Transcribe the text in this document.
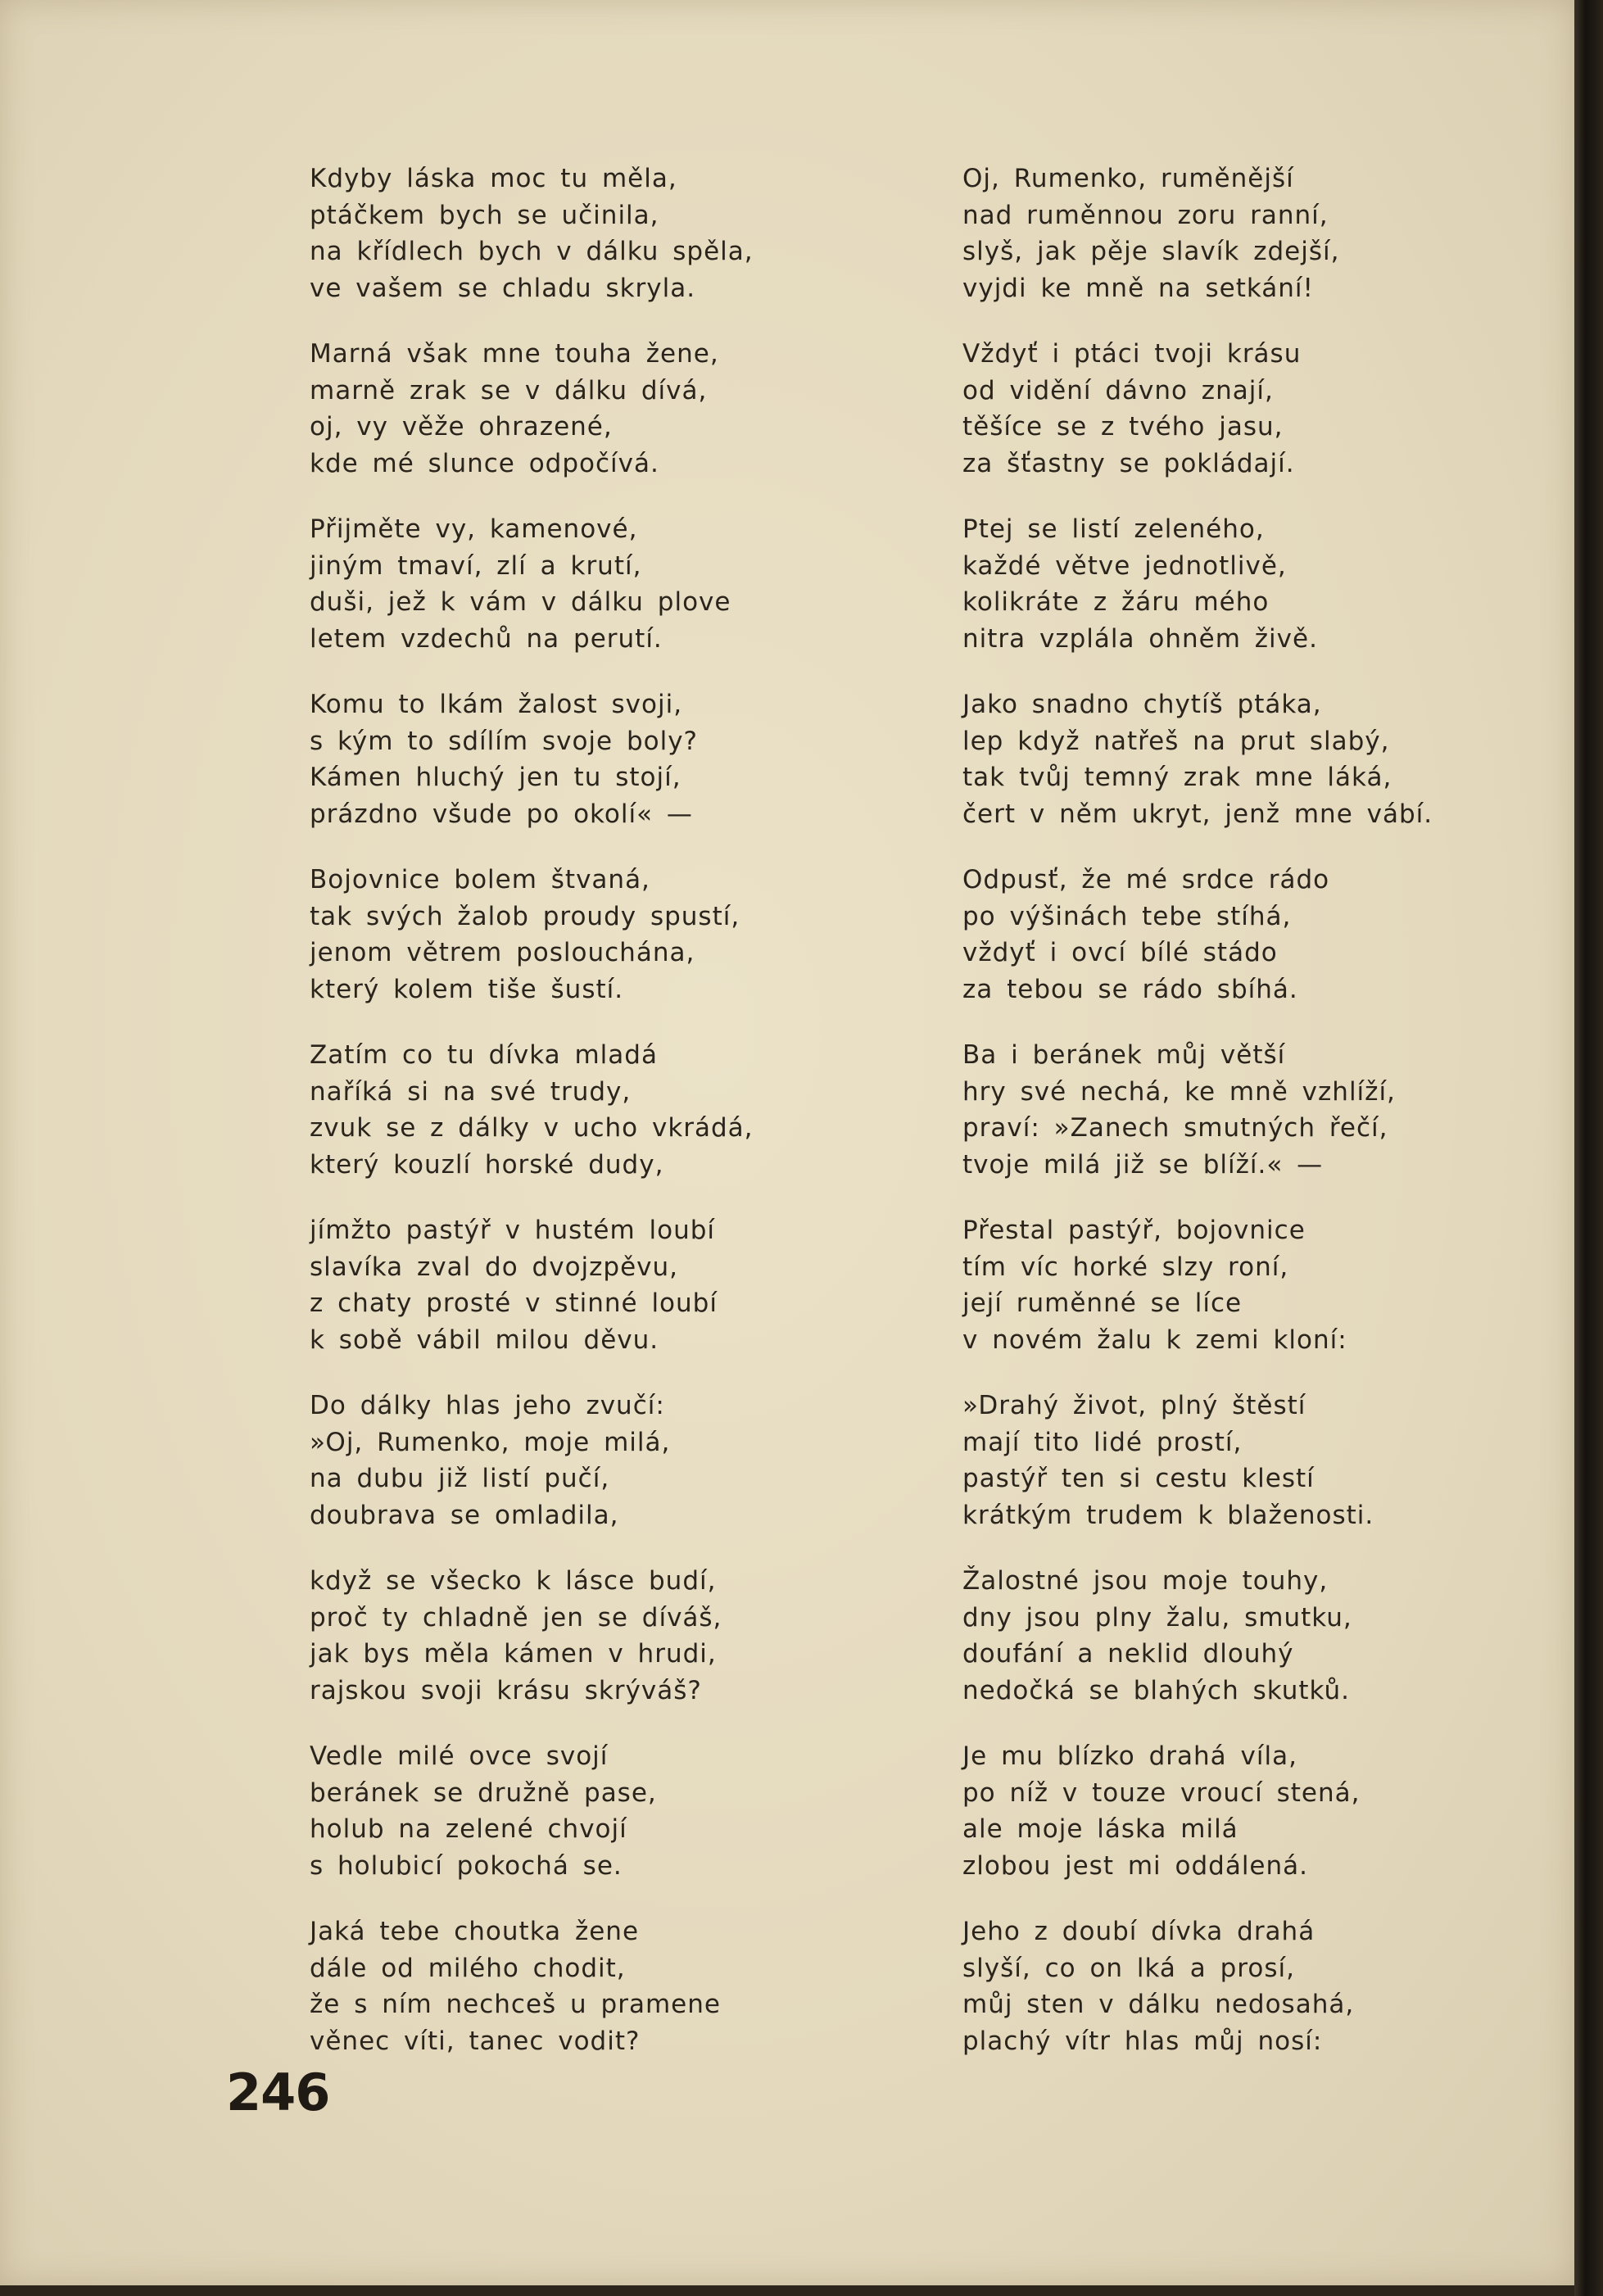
Kdyby láska moc tu měla,
ptáčkem bych se učinila,
na křídlech bych v dálku spěla,
ve vašem se chladu skryla.
Marná však mne touha žene,
marně zrak se v dálku dívá,
oj, vy věže ohrazené,
kde mé slunce odpočívá.
Přijměte vy, kamenové,
jiným tmaví, zlí a krutí,
duši, jež k vám v dálku plove
letem vzdechů na perutí.
Komu to lkám žalost svoji,
s kým to sdílím svoje boly?
Kámen hluchý jen tu stojí,
prázdno všude po okolí« —
Bojovnice bolem štvaná,
tak svých žalob proudy spustí,
jenom větrem poslouchána,
který kolem tiše šustí.
Zatím co tu dívka mladá
naříká si na své trudy,
zvuk se z dálky v ucho vkrádá,
který kouzlí horské dudy,
jímžto pastýř v hustém loubí
slavíka zval do dvojzpěvu,
z chaty prosté v stinné loubí
k sobě vábil milou děvu.
Do dálky hlas jeho zvučí:
»Oj, Rumenko, moje milá,
na dubu již listí pučí,
doubrava se omladila,
když se všecko k lásce budí,
proč ty chladně jen se díváš,
jak bys měla kámen v hrudi,
rajskou svoji krásu skrýváš?
Vedle milé ovce svojí
beránek se družně pase,
holub na zelené chvojí
s holubicí pokochá se.
Jaká tebe choutka žene
dále od milého chodit,
že s ním nechceš u pramene
věnec víti, tanec vodit?
Oj, Rumenko, ruměnější
nad ruměnnou zoru ranní,
slyš, jak pěje slavík zdejší,
vyjdi ke mně na setkání!
Vždyť i ptáci tvoji krásu
od vidění dávno znají,
těšíce se z tvého jasu,
za šťastny se pokládají.
Ptej se listí zeleného,
každé větve jednotlivě,
kolikráte z žáru mého
nitra vzplála ohněm živě.
Jako snadno chytíš ptáka,
lep když natřeš na prut slabý,
tak tvůj temný zrak mne láká,
čert v něm ukryt, jenž mne vábí.
Odpusť, že mé srdce rádo
po výšinách tebe stíhá,
vždyť i ovcí bílé stádo
za tebou se rádo sbíhá.
Ba i beránek můj větší
hry své nechá, ke mně vzhlíží,
praví: »Zanech smutných řečí,
tvoje milá již se blíží.« —
Přestal pastýř, bojovnice
tím víc horké slzy roní,
její ruměnné se líce
v novém žalu k zemi kloní:
»Drahý život, plný štěstí
mají tito lidé prostí,
pastýř ten si cestu klestí
krátkým trudem k blaženosti.
Žalostné jsou moje touhy,
dny jsou plny žalu, smutku,
doufání a neklid dlouhý
nedočká se blahých skutků.
Je mu blízko drahá víla,
po níž v touze vroucí stená,
ale moje láska milá
zlobou jest mi oddálená.
Jeho z doubí dívka drahá
slyší, co on lká a prosí,
můj sten v dálku nedosahá,
plachý vítr hlas můj nosí:
246
